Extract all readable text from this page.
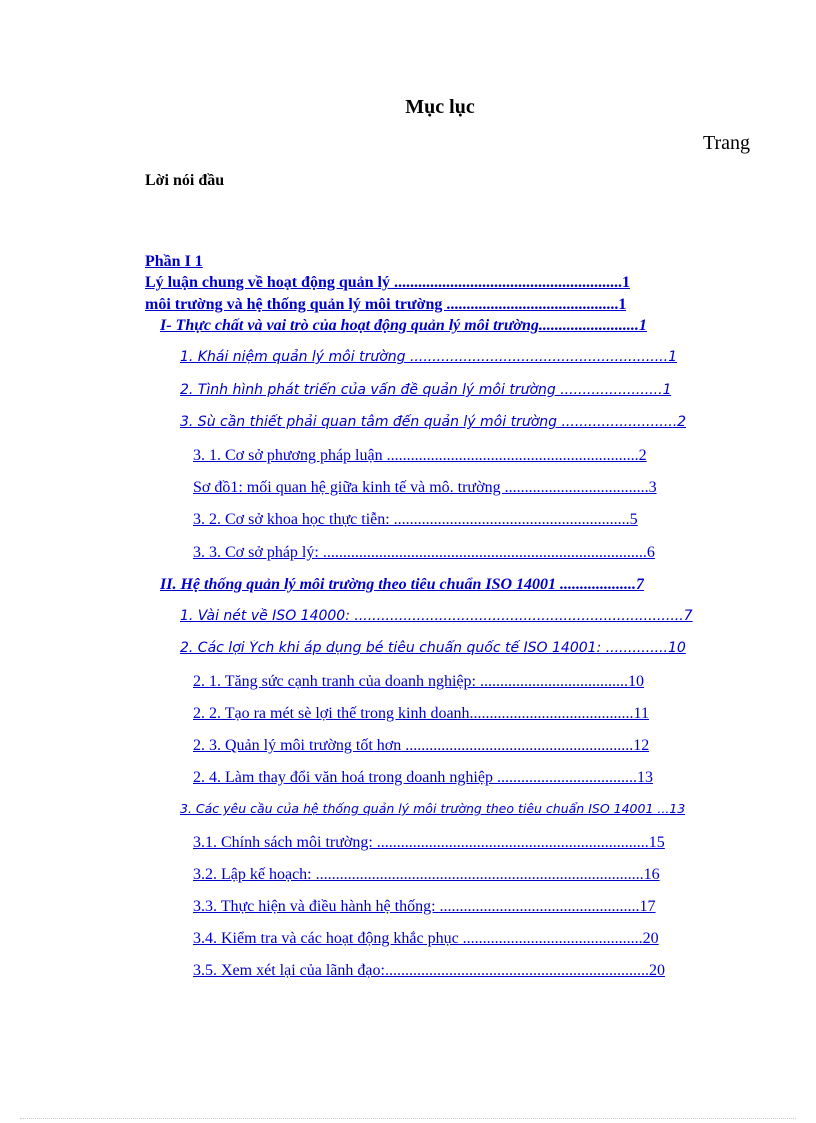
Mục lục
Trang
Lời nói đầu
Phần I 1
Lý luận chung về hoạt động quản lý .........................................................1
môi trường và hệ thống quản lý môi trường ...........................................1
I- Thực chất và vai trò của hoạt động quản lý môi trường.........................1
1. Khái niệm quản lý môi trường ..........................................................1
2. Tình hình phát triển của vấn đề quản lý môi trường .......................1
3. Sù cần thiết phải quan tâm đến quản lý môi trường ..........................2
3. 1. Cơ sở phương pháp luận ...............................................................2
Sơ đồ1: mối quan hệ giữa kinh tế và mô. trường ....................................3
3. 2. Cơ sở khoa học thực tiễn: ...........................................................5
3. 3. Cơ sở pháp lý: .................................................................................6
II. Hệ thống quản lý môi trường theo tiêu chuẩn ISO 14001 ...................7
1. Vài nét về ISO 14000: ..........................................................................7
2. Các lợi Ých khi áp dụng bé tiêu chuẩn quốc tế ISO 14001: ..............10
2. 1. Tăng sức cạnh tranh của doanh nghiệp: .....................................10
2. 2. Tạo ra mét sè lợi thế trong kinh doanh.........................................11
2. 3. Quản lý môi trường tốt hơn .........................................................12
2. 4. Làm thay đổi văn hoá trong doanh nghiệp ...................................13
3. Các yêu cầu của hệ thống quản lý môi trường theo tiêu chuẩn ISO 14001 ...13
3.1. Chính sách môi trường: ....................................................................15
3.2. Lập kế hoạch: ..................................................................................16
3.3. Thực hiện và điều hành hệ thống: ..................................................17
3.4. Kiểm tra và các hoạt động khắc phục .............................................20
3.5. Xem xét lại của lãnh đạo:..................................................................20
